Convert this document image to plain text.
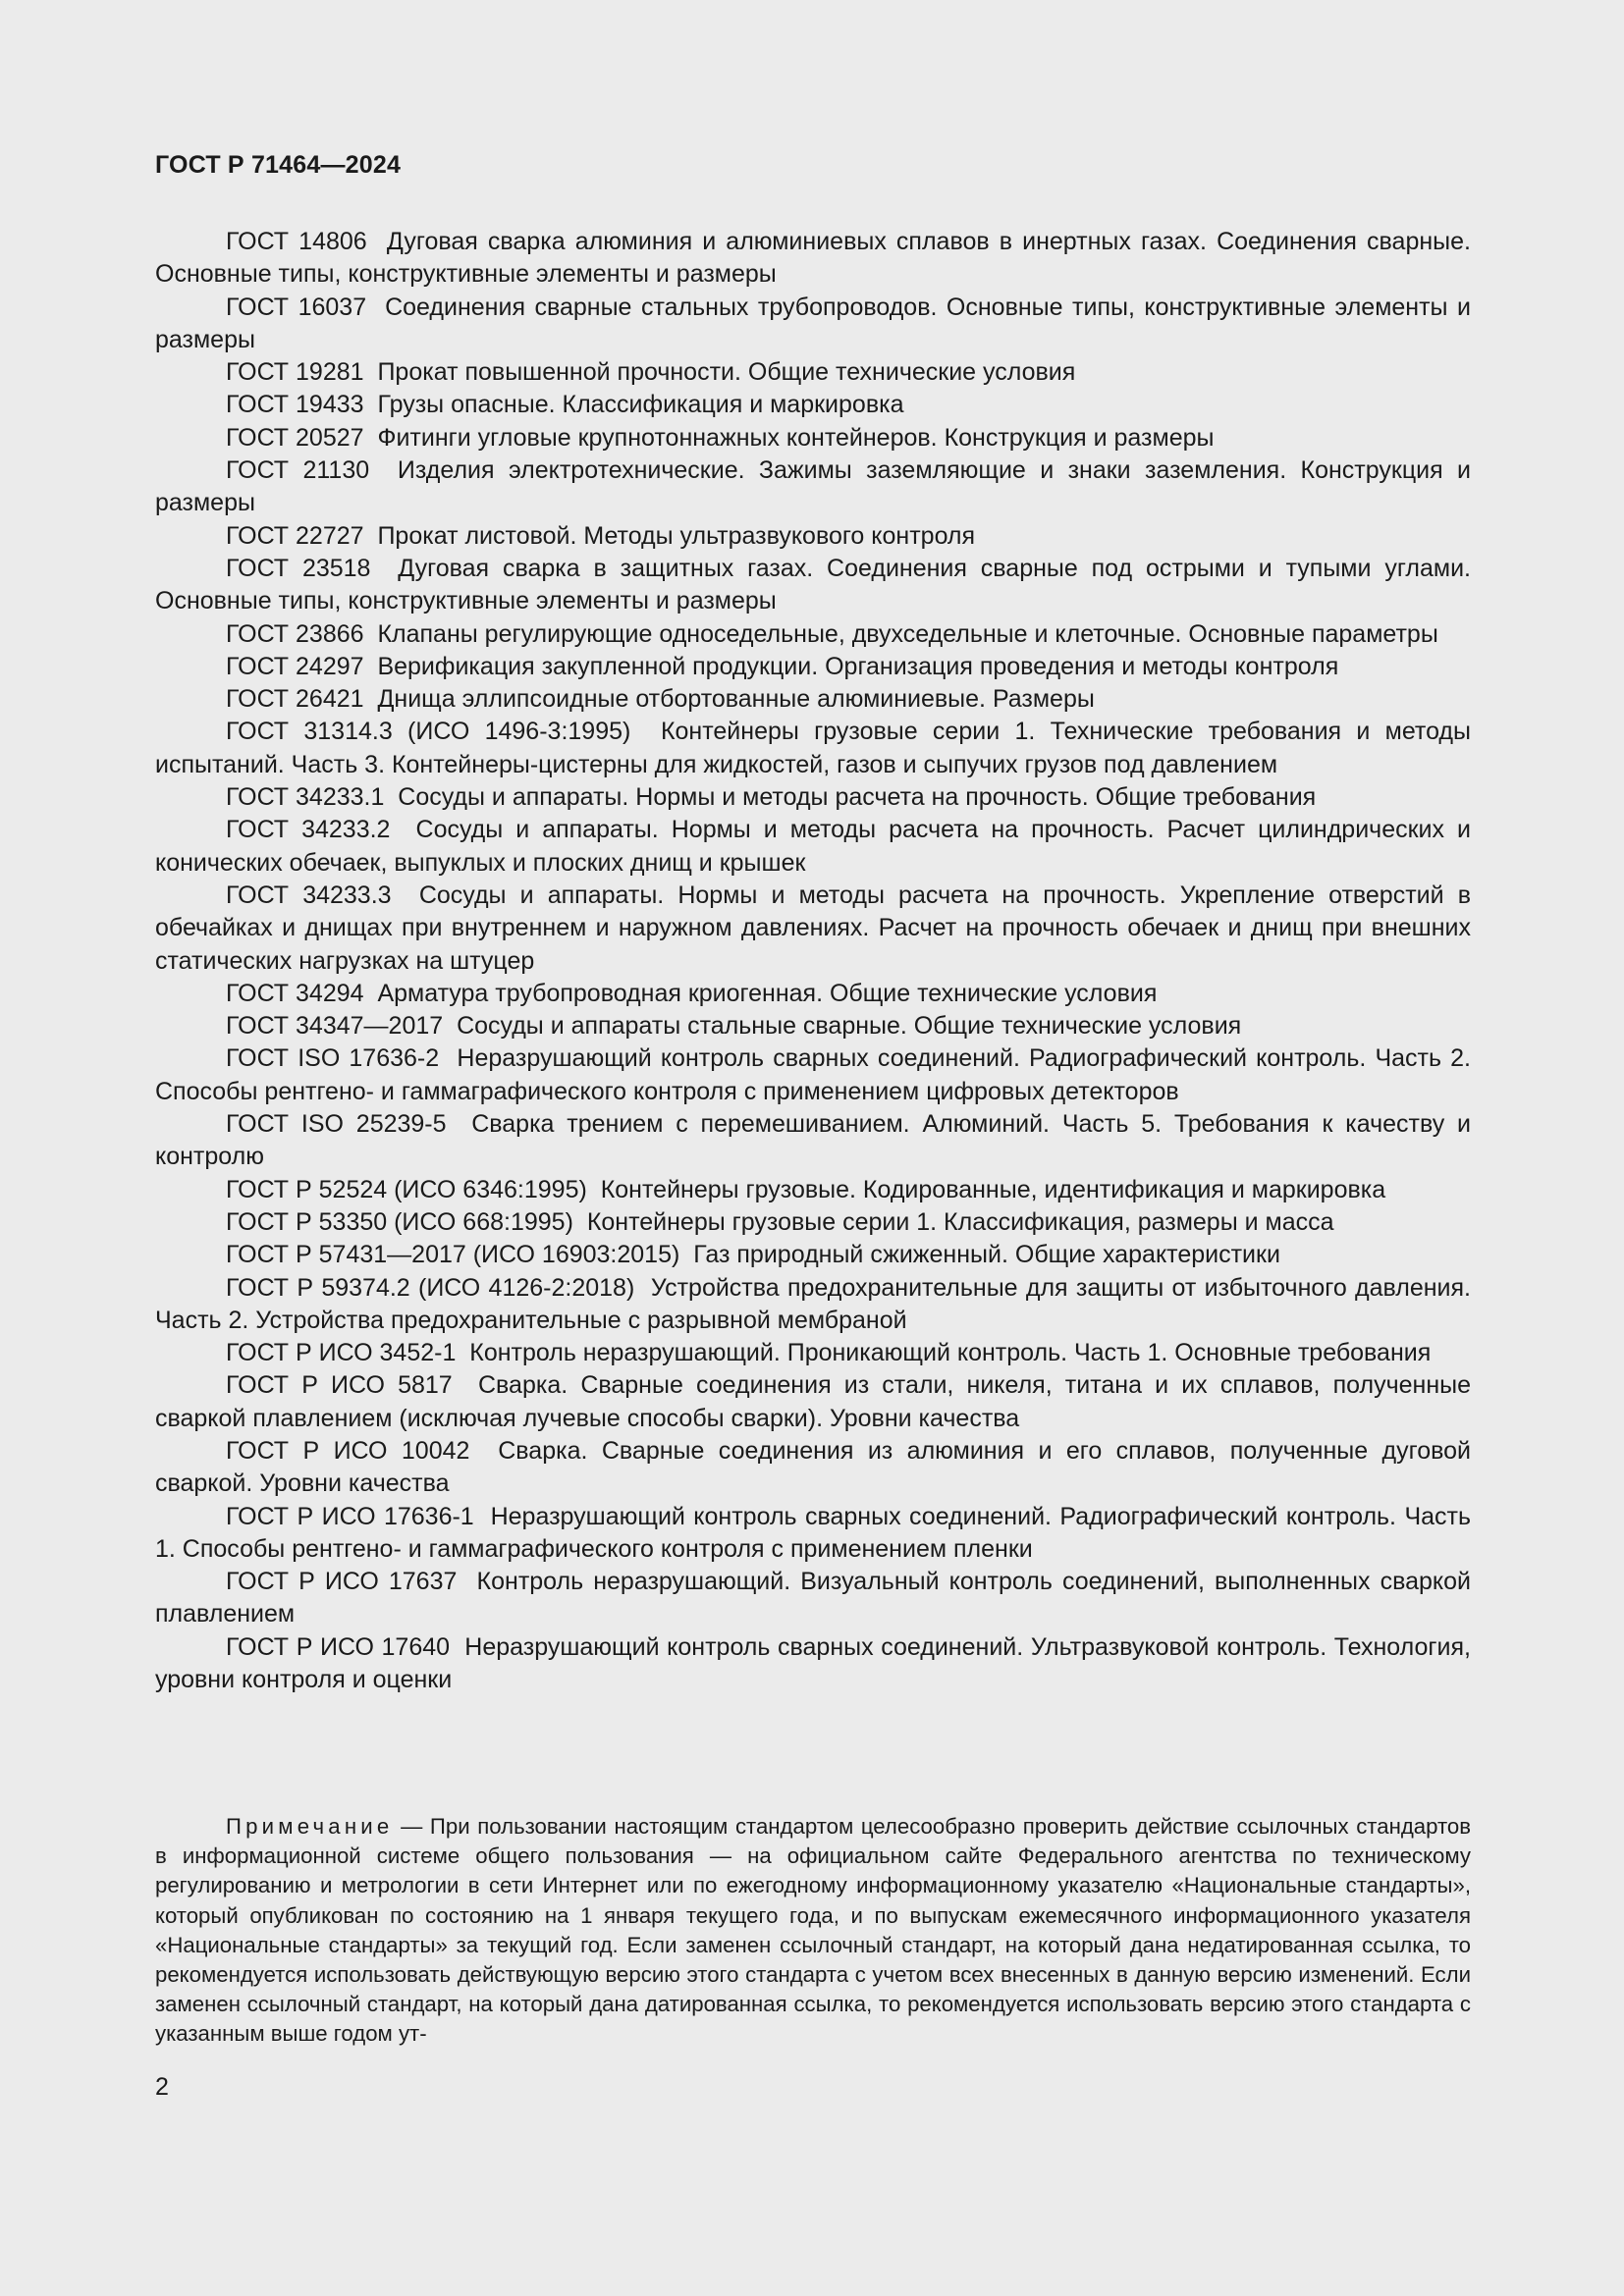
ГОСТ Р 71464—2024

ГОСТ 14806 Дуговая сварка алюминия и алюминиевых сплавов в инертных газах. Соединения сварные. Основные типы, конструктивные элементы и размеры

ГОСТ 16037 Соединения сварные стальных трубопроводов. Основные типы, конструктивные элементы и размеры

ГОСТ 19281 Прокат повышенной прочности. Общие технические условия

ГОСТ 19433 Грузы опасные. Классификация и маркировка

ГОСТ 20527 Фитинги угловые крупнотоннажных контейнеров. Конструкция и размеры

ГОСТ 21130 Изделия электротехнические. Зажимы заземляющие и знаки заземления. Конструкция и размеры

ГОСТ 22727 Прокат листовой. Методы ультразвукового контроля

ГОСТ 23518 Дуговая сварка в защитных газах. Соединения сварные под острыми и тупыми углами. Основные типы, конструктивные элементы и размеры

ГОСТ 23866 Клапаны регулирующие односедельные, двухседельные и клеточные. Основные параметры

ГОСТ 24297 Верификация закупленной продукции. Организация проведения и методы контроля

ГОСТ 26421 Днища эллипсоидные отбортованные алюминиевые. Размеры

ГОСТ 31314.3 (ИСО 1496-3:1995) Контейнеры грузовые серии 1. Технические требования и методы испытаний. Часть 3. Контейнеры-цистерны для жидкостей, газов и сыпучих грузов под давлением

ГОСТ 34233.1 Сосуды и аппараты. Нормы и методы расчета на прочность. Общие требования

ГОСТ 34233.2 Сосуды и аппараты. Нормы и методы расчета на прочность. Расчет цилиндрических и конических обечаек, выпуклых и плоских днищ и крышек

ГОСТ 34233.3 Сосуды и аппараты. Нормы и методы расчета на прочность. Укрепление отверстий в обечайках и днищах при внутреннем и наружном давлениях. Расчет на прочность обечаек и днищ при внешних статических нагрузках на штуцер

ГОСТ 34294 Арматура трубопроводная криогенная. Общие технические условия

ГОСТ 34347—2017 Сосуды и аппараты стальные сварные. Общие технические условия

ГОСТ ISO 17636-2 Неразрушающий контроль сварных соединений. Радиографический контроль. Часть 2. Способы рентгено- и гаммаграфического контроля с применением цифровых детекторов

ГОСТ ISO 25239-5 Сварка трением с перемешиванием. Алюминий. Часть 5. Требования к качеству и контролю

ГОСТ Р 52524 (ИСО 6346:1995) Контейнеры грузовые. Кодированные, идентификация и маркировка

ГОСТ Р 53350 (ИСО 668:1995) Контейнеры грузовые серии 1. Классификация, размеры и масса

ГОСТ Р 57431—2017 (ИСО 16903:2015) Газ природный сжиженный. Общие характеристики

ГОСТ Р 59374.2 (ИСО 4126-2:2018) Устройства предохранительные для защиты от избыточного давления. Часть 2. Устройства предохранительные с разрывной мембраной

ГОСТ Р ИСО 3452-1 Контроль неразрушающий. Проникающий контроль. Часть 1. Основные требования

ГОСТ Р ИСО 5817 Сварка. Сварные соединения из стали, никеля, титана и их сплавов, полученные сваркой плавлением (исключая лучевые способы сварки). Уровни качества

ГОСТ Р ИСО 10042 Сварка. Сварные соединения из алюминия и его сплавов, полученные дуговой сваркой. Уровни качества

ГОСТ Р ИСО 17636-1 Неразрушающий контроль сварных соединений. Радиографический контроль. Часть 1. Способы рентгено- и гаммаграфического контроля с применением пленки

ГОСТ Р ИСО 17637 Контроль неразрушающий. Визуальный контроль соединений, выполненных сваркой плавлением

ГОСТ Р ИСО 17640 Неразрушающий контроль сварных соединений. Ультразвуковой контроль. Технология, уровни контроля и оценки

Примечание — При пользовании настоящим стандартом целесообразно проверить действие ссылочных стандартов в информационной системе общего пользования — на официальном сайте Федерального агентства по техническому регулированию и метрологии в сети Интернет или по ежегодному информационному указателю «Национальные стандарты», который опубликован по состоянию на 1 января текущего года, и по выпускам ежемесячного информационного указателя «Национальные стандарты» за текущий год. Если заменен ссылочный стандарт, на который дана недатированная ссылка, то рекомендуется использовать действующую версию этого стандарта с учетом всех внесенных в данную версию изменений. Если заменен ссылочный стандарт, на который дана датированная ссылка, то рекомендуется использовать версию этого стандарта с указанным выше годом ут-

2
